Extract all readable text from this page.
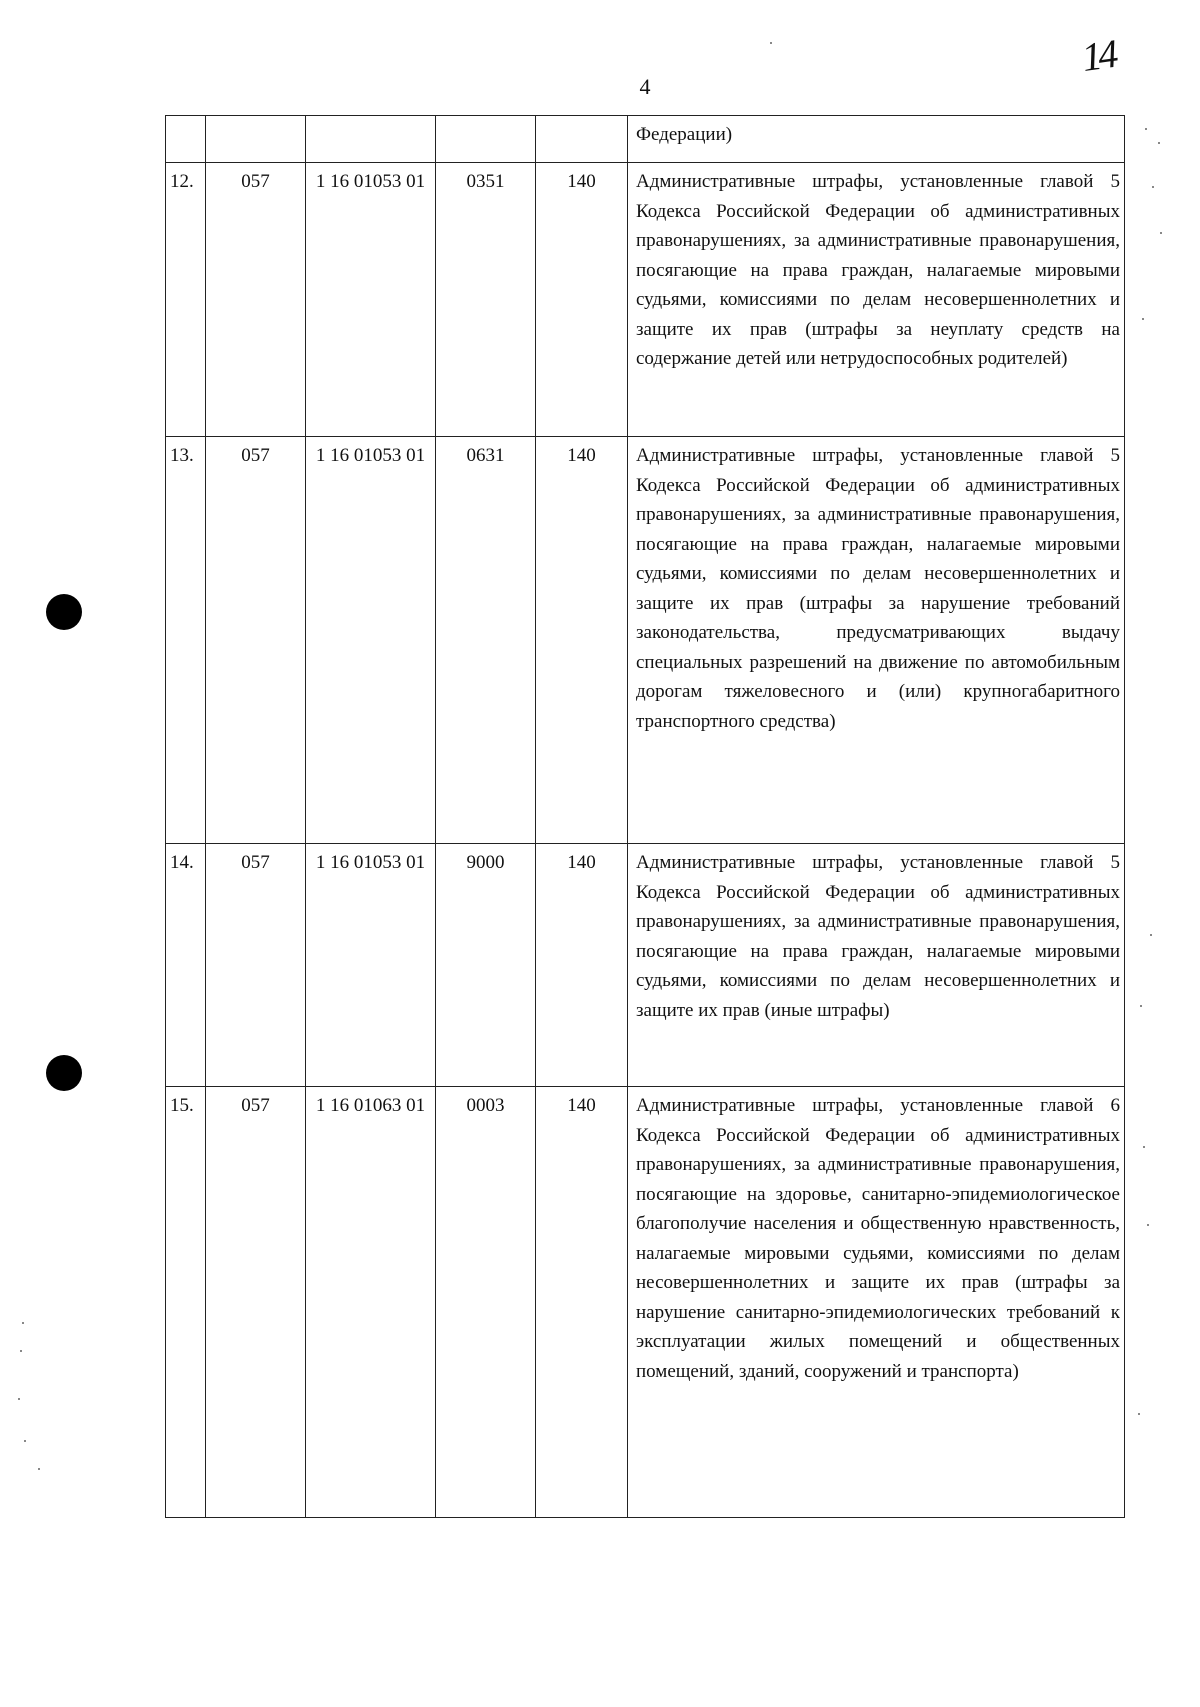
4
14
					Федерации)
12.	057	1 16 01053 01	0351	140	Административные штрафы, установленные главой 5 Кодекса Российской Федерации об административных правонарушениях, за административные правонарушения, посягающие на права граждан, налагаемые мировыми судьями, комиссиями по делам несовершеннолетних и защите их прав (штрафы за неуплату средств на содержание детей или нетрудоспособных родителей)
13.	057	1 16 01053 01	0631	140	Административные штрафы, установленные главой 5 Кодекса Российской Федерации об административных правонарушениях, за административные правонарушения, посягающие на права граждан, налагаемые мировыми судьями, комиссиями по делам несовершеннолетних и защите их прав (штрафы за нарушение требований законодательства, предусматривающих выдачу специальных разрешений на движение по автомобильным дорогам тяжеловесного и (или) крупногабаритного транспортного средства)
14.	057	1 16 01053 01	9000	140	Административные штрафы, установленные главой 5 Кодекса Российской Федерации об административных правонарушениях, за административные правонарушения, посягающие на права граждан, налагаемые мировыми судьями, комиссиями по делам несовершеннолетних и защите их прав (иные штрафы)
15.	057	1 16 01063 01	0003	140	Административные штрафы, установленные главой 6 Кодекса Российской Федерации об административных правонарушениях, за административные правонарушения, посягающие на здоровье, санитарно-эпидемиологическое благополучие населения и общественную нравственность, налагаемые мировыми судьями, комиссиями по делам несовершеннолетних и защите их прав (штрафы за нарушение санитарно-эпидемиологических требований к эксплуатации жилых помещений и общественных помещений, зданий, сооружений и транспорта)
